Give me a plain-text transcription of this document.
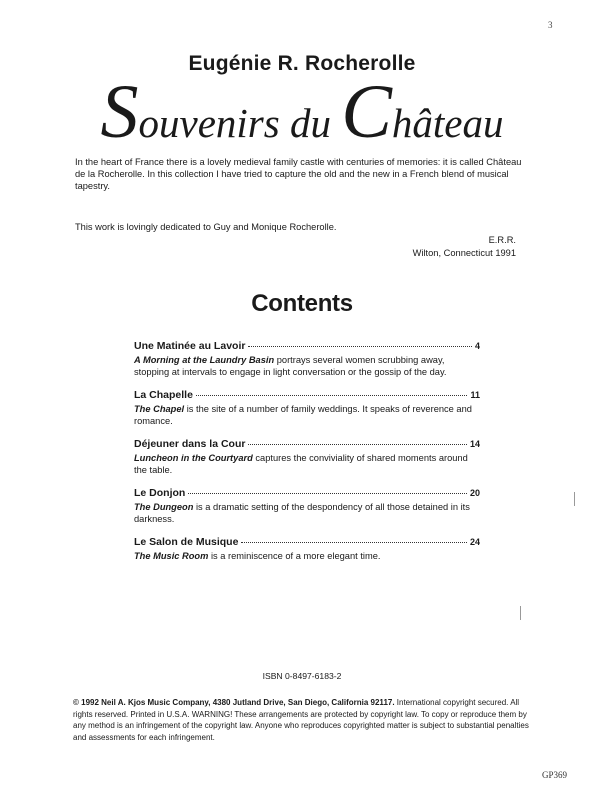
3
Eugénie R. Rocherolle
Souvenirs du Château
In the heart of France there is a lovely medieval family castle with centuries of memories: it is called Château de la Rocherolle. In this collection I have tried to capture the old and the new in a French blend of musical tapestry.
This work is lovingly dedicated to Guy and Monique Rocherolle.
E.R.R.
Wilton, Connecticut 1991
Contents
Une Matinée au Lavoir	4
A Morning at the Laundry Basin portrays several women scrubbing away, stopping at intervals to engage in light conversation or the gossip of the day.
La Chapelle	11
The Chapel is the site of a number of family weddings. It speaks of reverence and romance.
Déjeuner dans la Cour	14
Luncheon in the Courtyard captures the conviviality of shared moments around the table.
Le Donjon	20
The Dungeon is a dramatic setting of the despondency of all those detained in its darkness.
Le Salon de Musique	24
The Music Room is a reminiscence of a more elegant time.
ISBN 0-8497-6183-2
© 1992 Neil A. Kjos Music Company, 4380 Jutland Drive, San Diego, California 92117. International copyright secured. All rights reserved. Printed in U.S.A. WARNING! These arrangements are protected by copyright law. To copy or reproduce them by any method is an infringement of the copyright law. Anyone who reproduces copyrighted matter is subject to substantial penalties and assessments for each infringement.
GP369
